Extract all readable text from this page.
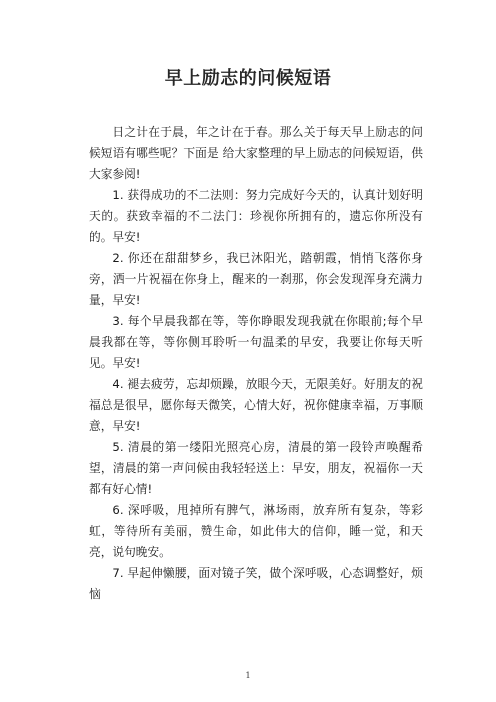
早上励志的问候短语

日之计在于晨，年之计在于春。那么关于每天早上励志的问候短语有哪些呢？下面是 给大家整理的早上励志的问候短语，供大家参阅!

1. 获得成功的不二法则：努力完成好今天的，认真计划好明天的。获致幸福的不二法门：珍视你所拥有的，遗忘你所没有的。早安!

2. 你还在甜甜梦乡，我已沐阳光，踏朝霞，悄悄飞落你身旁，洒一片祝福在你身上，醒来的一刹那，你会发现浑身充满力量，早安!

3. 每个早晨我都在等，等你睁眼发现我就在你眼前;每个早晨我都在等，等你侧耳聆听一句温柔的早安，我要让你每天听见。早安!

4. 褪去疲劳，忘却烦躁，放眼今天，无限美好。好朋友的祝福总是很早，愿你每天微笑，心情大好，祝你健康幸福，万事顺意，早安!

5. 清晨的第一缕阳光照亮心房，清晨的第一段铃声唤醒希望，清晨的第一声问候由我轻轻送上：早安，朋友，祝福你一天都有好心情!

6. 深呼吸，甩掉所有脾气，淋场雨，放弃所有复杂，等彩虹，等待所有美丽，赞生命，如此伟大的信仰，睡一觉，和天亮，说句晚安。

7. 早起伸懒腰，面对镜子笑，做个深呼吸，心态调整好，烦恼

1
